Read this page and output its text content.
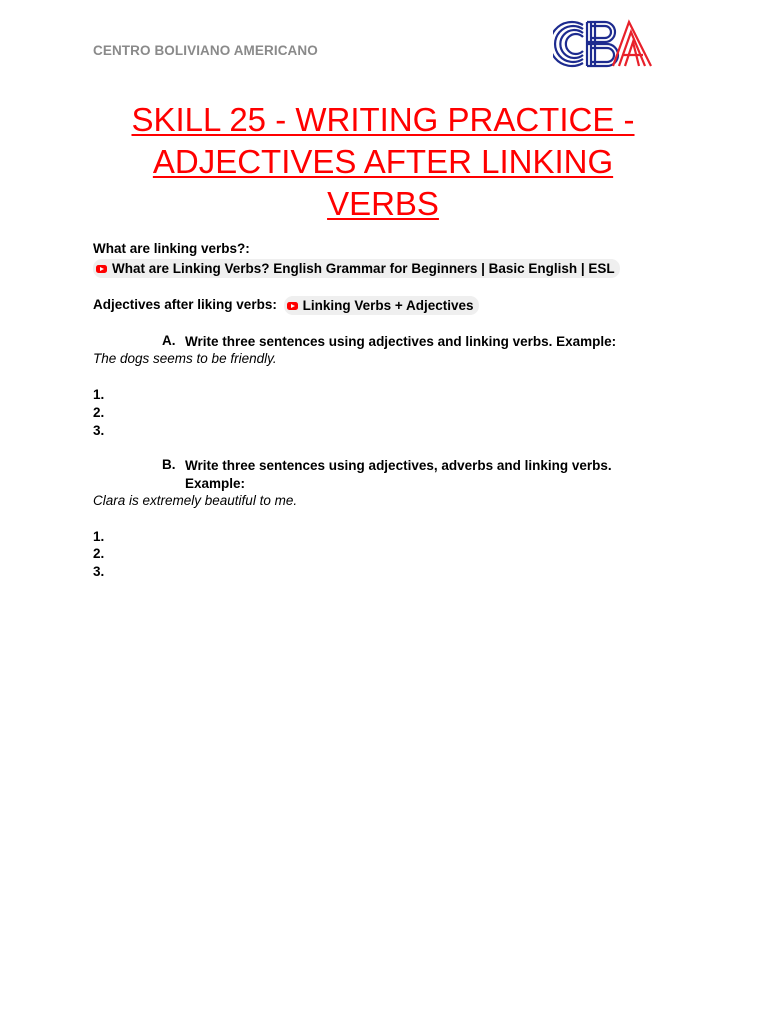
CENTRO BOLIVIANO AMERICANO
SKILL 25 - WRITING PRACTICE - ADJECTIVES AFTER LINKING VERBS
What are linking verbs?:
What are Linking Verbs? English Grammar for Beginners | Basic English | ESL
Adjectives after liking verbs: Linking Verbs + Adjectives
A. Write three sentences using adjectives and linking verbs. Example:
The dogs seems to be friendly.
1.
2.
3.
B. Write three sentences using adjectives, adverbs and linking verbs. Example:
Clara is extremely beautiful to me.
1.
2.
3.
